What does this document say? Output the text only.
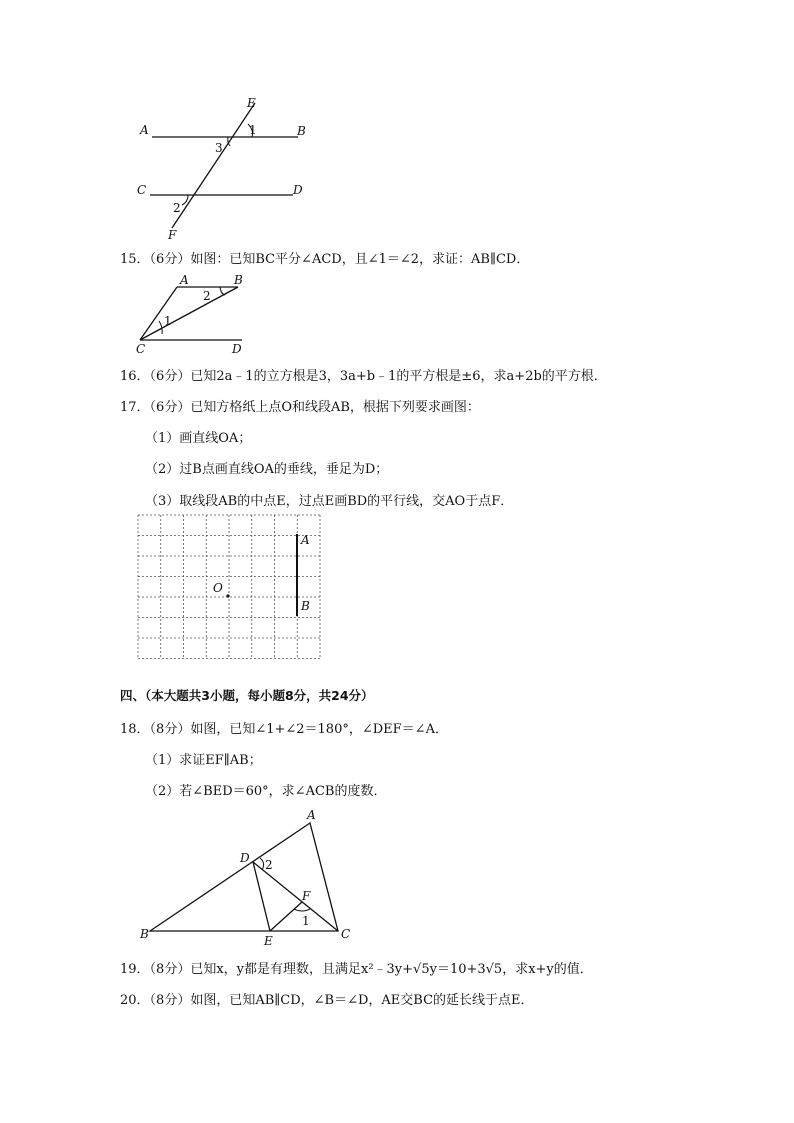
E
A	B
C	D
F
1
2
3
15．（6分）如图：已知BC平分∠ACD，且∠1＝∠2，求证：AB∥CD．
A	B
C	D
1
2
16．（6分）已知2a﹣1的立方根是3，3a+b﹣1的平方根是±6，求a+2b的平方根．
17．（6分）已知方格纸上点O和线段AB，根据下列要求画图：
（1）画直线OA；
（2）过B点画直线OA的垂线，垂足为D；
（3）取线段AB的中点E，过点E画BD的平行线，交AO于点F．
O
A
B
四、（本大题共3小题，每小题8分，共24分）
18．（8分）如图，已知∠1+∠2＝180°，∠DEF＝∠A．
（1）求证EF∥AB；
（2）若∠BED＝60°，求∠ACB的度数．
A
B	C
D
E
F
1
2
19．（8分）已知x，y都是有理数，且满足x²﹣3y+√5y＝10+3√5，求x+y的值．
20．（8分）如图，已知AB∥CD，∠B＝∠D，AE交BC的延长线于点E．
